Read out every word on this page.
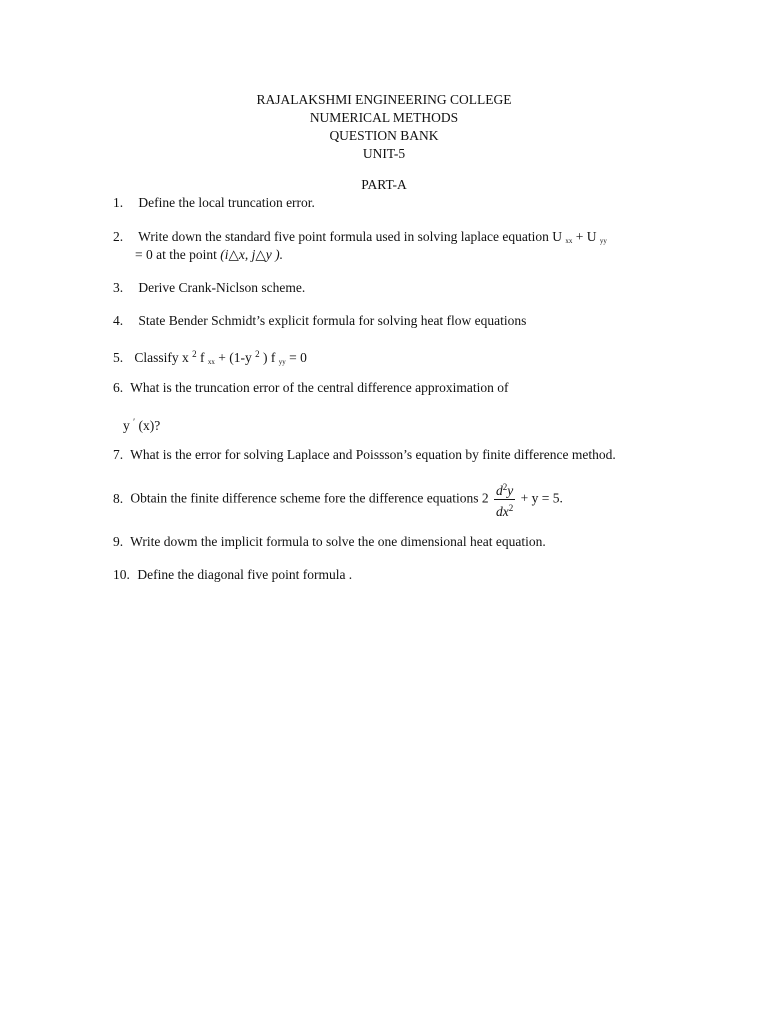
RAJALAKSHMI ENGINEERING COLLEGE
NUMERICAL METHODS
QUESTION BANK
UNIT-5
PART-A
1. Define the local truncation error.
2. Write down the standard five point formula used in solving laplace equation U $_{xx}$ + U $_{yy}$
= 0 at the point (i△x, j△y ).
3. Derive Crank-Niclson scheme.
4. State Bender Schmidt’s explicit formula for solving heat flow equations
5. Classify x $^2$ f $_{xx}$ + (1-y $^2$ ) f $_{yy}$ = 0
6. What is the truncation error of the central difference approximation of
y ′ (x)?
7. What is the error for solving Laplace and Poissson’s equation by finite difference method.
8. Obtain the finite difference scheme fore the difference equations $2 \frac{d^2y}{dx^2} + y = 5$.
9. Write dowm the implicit formula to solve the one dimensional heat equation.
10. Define the diagonal five point formula .
